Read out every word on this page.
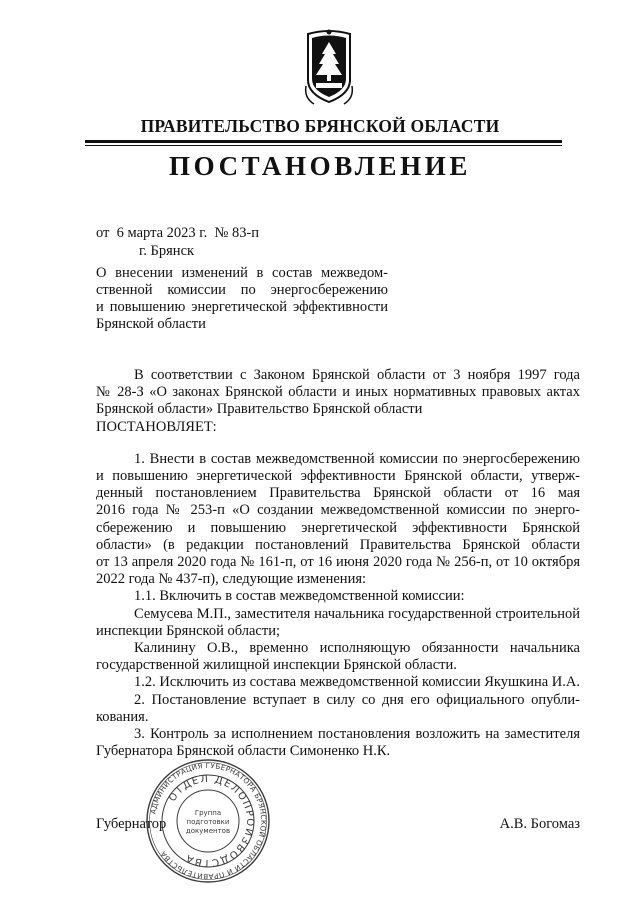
ПРАВИТЕЛЬСТВО БРЯНСКОЙ ОБЛАСТИ
ПОСТАНОВЛЕНИЕ
от  6 марта 2023 г.  № 83-п
г. Брянск
О внесении изменений в состав межведом-
ственной комиссии по энергосбережению
и повышению энергетической эффективности
Брянской области

В соответствии с Законом Брянской области от 3 ноября 1997 года
№ 28-З «О законах Брянской области и иных нормативных правовых актах
Брянской области» Правительство Брянской области
ПОСТАНОВЛЯЕТ:

1. Внести в состав межведомственной комиссии по энергосбережению
и повышению энергетической эффективности Брянской области, утверж-
денный постановлением Правительства Брянской области от 16 мая
2016 года № 253-п «О создании межведомственной комиссии по энерго-
сбережению и повышению энергетической эффективности Брянской
области» (в редакции постановлений Правительства Брянской области
от 13 апреля 2020 года № 161-п, от 16 июня 2020 года № 256-п, от 10 октября
2022 года № 437-п), следующие изменения:

1.1. Включить в состав межведомственной комиссии:

Семусева М.П., заместителя начальника государственной строительной
инспекции Брянской области;

Калинину О.В., временно исполняющую обязанности начальника
государственной жилищной инспекции Брянской области.

1.2. Исключить из состава межведомственной комиссии Якушкина И.А.

2. Постановление вступает в силу со дня его официального опубли-
кования.

3. Контроль за исполнением постановления возложить на заместителя
Губернатора Брянской области Симоненко Н.К.

Губернатор	А.В. Богомаз
АДМИНИСТРАЦИЯ ГУБЕРНАТОРА БРЯНСКОЙ ОБЛАСТИ И ПРАВИТЕЛЬСТВА
ОТДЕЛ ДЕЛОПРОИЗВОДСТВА
Группа
подготовки
документов
